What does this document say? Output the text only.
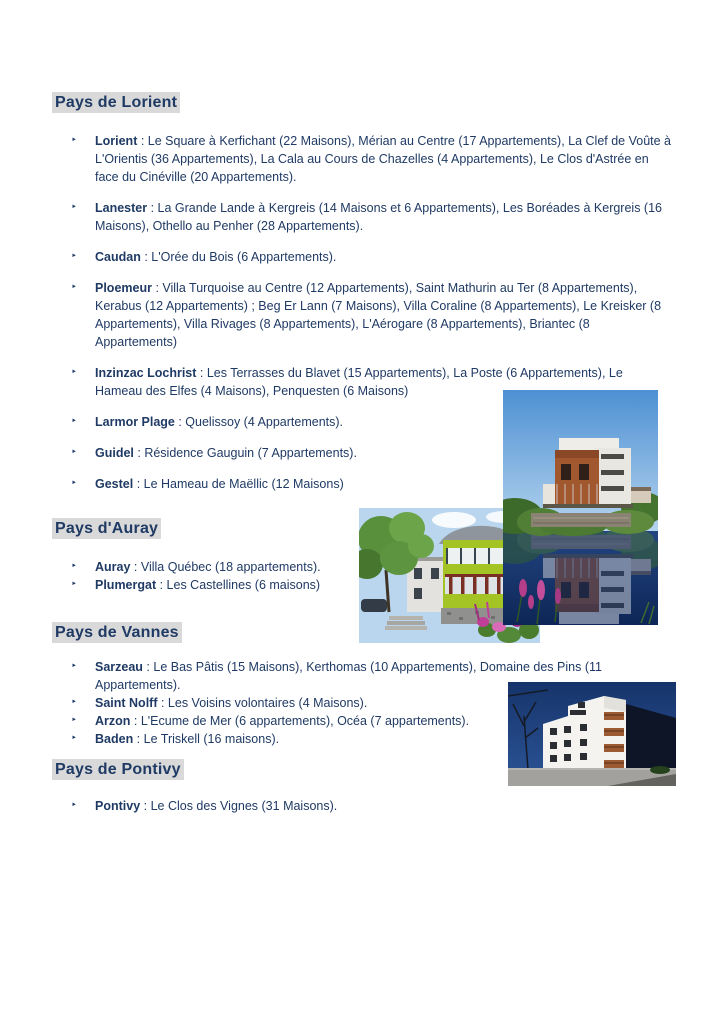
Pays de Lorient
‣ Lorient : Le Square à Kerfichant (22 Maisons), Mérian au Centre (17 Appartements), La Clef de Voûte à L'Orientis (36 Appartements), La Cala au Cours de Chazelles (4 Appartements), Le Clos d'Astrée en face du Cinéville (20 Appartements).
‣ Lanester : La Grande Lande à Kergreis (14 Maisons et 6 Appartements), Les Boréades à Kergreis (16 Maisons), Othello au Penher (28 Appartements).
‣ Caudan : L'Orée du Bois (6 Appartements).
‣ Ploemeur : Villa Turquoise au Centre (12 Appartements), Saint Mathurin au Ter (8 Appartements), Kerabus (12 Appartements) ; Beg Er Lann (7 Maisons), Villa Coraline (8 Appartements), Le Kreisker (8 Appartements), Villa Rivages (8 Appartements), L'Aérogare (8 Appartements), Briantec (8 Appartements)
‣ Inzinzac Lochrist : Les Terrasses du Blavet (15 Appartements), La Poste (6 Appartements), Le Hameau des Elfes (4 Maisons), Penquesten (6 Maisons)
‣ Larmor Plage : Quelissoy (4 Appartements).
‣ Guidel : Résidence Gauguin (7 Appartements).
‣ Gestel : Le Hameau de Maëllic (12 Maisons)
Pays d'Auray
‣ Auray : Villa Québec (18 appartements).
‣ Plumergat : Les Castellines (6 maisons)
Pays de Vannes
‣ Sarzeau : Le Bas Pâtis (15 Maisons), Kerthomas (10 Appartements), Domaine des Pins (11 Appartements).
‣ Saint Nolff : Les Voisins volontaires (4 Maisons).
‣ Arzon : L'Ecume de Mer (6 appartements), Océa (7 appartements).
‣ Baden : Le Triskell (16 maisons).
Pays de Pontivy
‣ Pontivy : Le Clos des Vignes (31 Maisons).
